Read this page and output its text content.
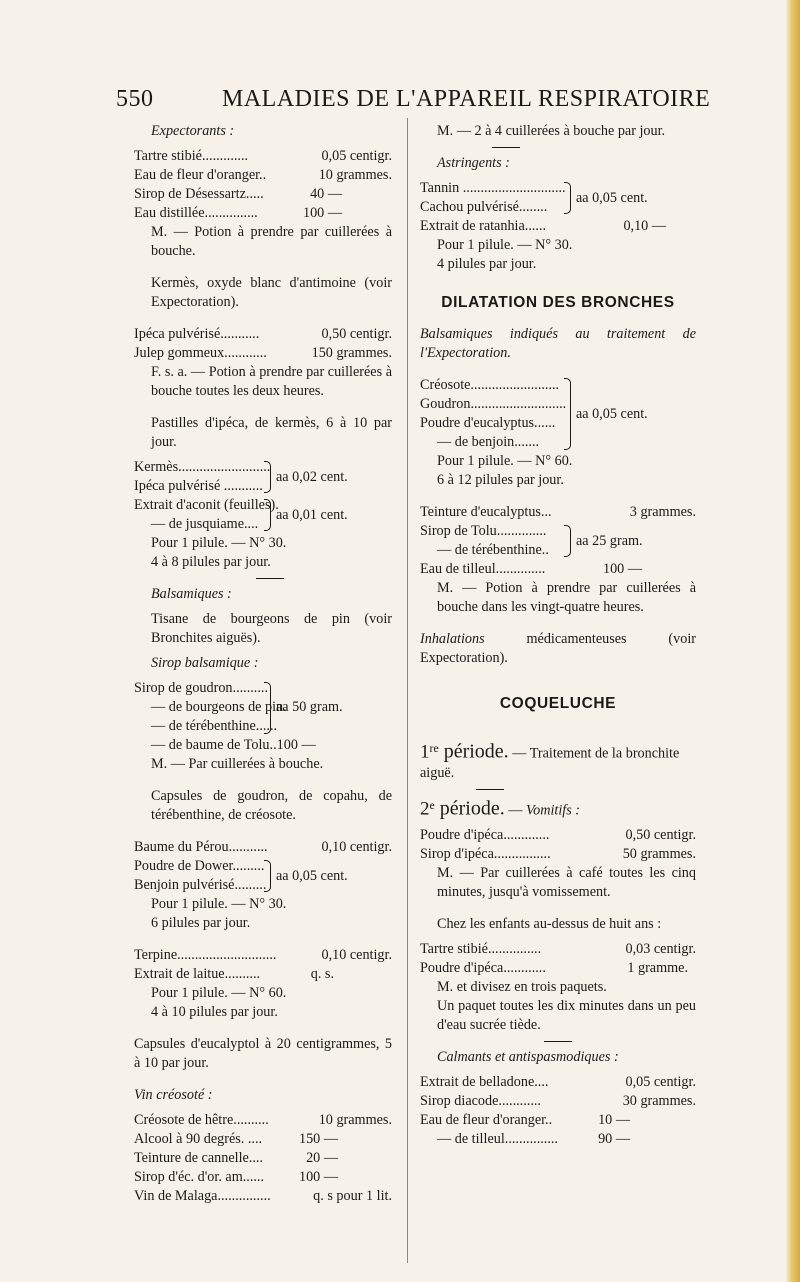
550	MALADIES DE L'APPAREIL RESPIRATOIRE

Expectorants :

Tartre stibié.............	0,05 centigr.
Eau de fleur d'oranger..	10 grammes.
Sirop de Désessartz.....	40 —
Eau distillée...............	100 —

M. — Potion à prendre par cuillerées à bouche.

Kermès, oxyde blanc d'antimoine (voir Expectoration).

Ipéca pulvérisé...........	0,50 centigr.
Julep gommeux............	150 grammes.

F. s. a. — Potion à prendre par cuillerées à bouche toutes les deux heures.

Pastilles d'ipéca, de kermès, 6 à 10 par jour.

Kermès..........................
Ipéca pulvérisé ...........
aa 0,02 cent.
Extrait d'aconit (feuilles).
— de jusquiame....
aa 0,01 cent.

Pour 1 pilule. — N° 30.

4 à 8 pilules par jour.

Balsamiques :

Tisane de bourgeons de pin (voir Bronchites aiguës).

Sirop balsamique :

Sirop de goudron..........
— de bourgeons de pin.
— de térébenthine......
aa 50 gram.
— de baume de Tolu.. 100 —

M. — Par cuillerées à bouche.

Capsules de goudron, de copahu, de térébenthine, de créosote.

Baume du Pérou...........	0,10 centigr.
Poudre de Dower.........
Benjoin pulvérisé.........
aa 0,05 cent.

Pour 1 pilule. — N° 30.

6 pilules par jour.

Terpine............................	0,10 centigr.
Extrait de laitue..........	q. s.

Pour 1 pilule. — N° 60.

4 à 10 pilules par jour.

Capsules d'eucalyptol à 20 centigrammes, 5 à 10 par jour.

Vin créosoté :

Créosote de hêtre..........	10 grammes.
Alcool à 90 degrés. ....	150 —
Teinture de cannelle....	20 —
Sirop d'éc. d'or. am...... 100 —
Vin de Malaga...............	q. s pour 1 lit.

M. — 2 à 4 cuillerées à bouche par jour.

Astringents :

Tannin .............................
Cachou pulvérisé........
aa 0,05 cent.
Extrait de ratanhia......	0,10 —

Pour 1 pilule. — N° 30.

4 pilules par jour.

DILATATION DES BRONCHES

Balsamiques indiqués au traitement de l'Expectoration.

Créosote.........................
Goudron...........................
Poudre d'eucalyptus......
— de benjoin.......
aa 0,05 cent.

Pour 1 pilule. — N° 60.

6 à 12 pilules par jour.

Teinture d'eucalyptus...	3 grammes.
Sirop de Tolu..............
— de térébenthine..
aa 25 gram.
Eau de tilleul..............	100 —

M. — Potion à prendre par cuillerées à bouche dans les vingt-quatre heures.

Inhalations médicamenteuses (voir Expectoration).

COQUELUCHE

1re période. — Traitement de la bronchite aiguë.

2e période. — Vomitifs :

Poudre d'ipéca.............	0,50 centigr.
Sirop d'ipéca................	50 grammes.

M. — Par cuillerées à café toutes les cinq minutes, jusqu'à vomissement.

Chez les enfants au-dessus de huit ans :

Tartre stibié...............	0,03 centigr.
Poudre d'ipéca............	1 gramme.

M. et divisez en trois paquets.

Un paquet toutes les dix minutes dans un peu d'eau sucrée tiède.

Calmants et antispasmodiques :

Extrait de belladone....	0,05 centigr.
Sirop diacode............	30 grammes.
Eau de fleur d'oranger..	10 —
— de tilleul...............	90 —
